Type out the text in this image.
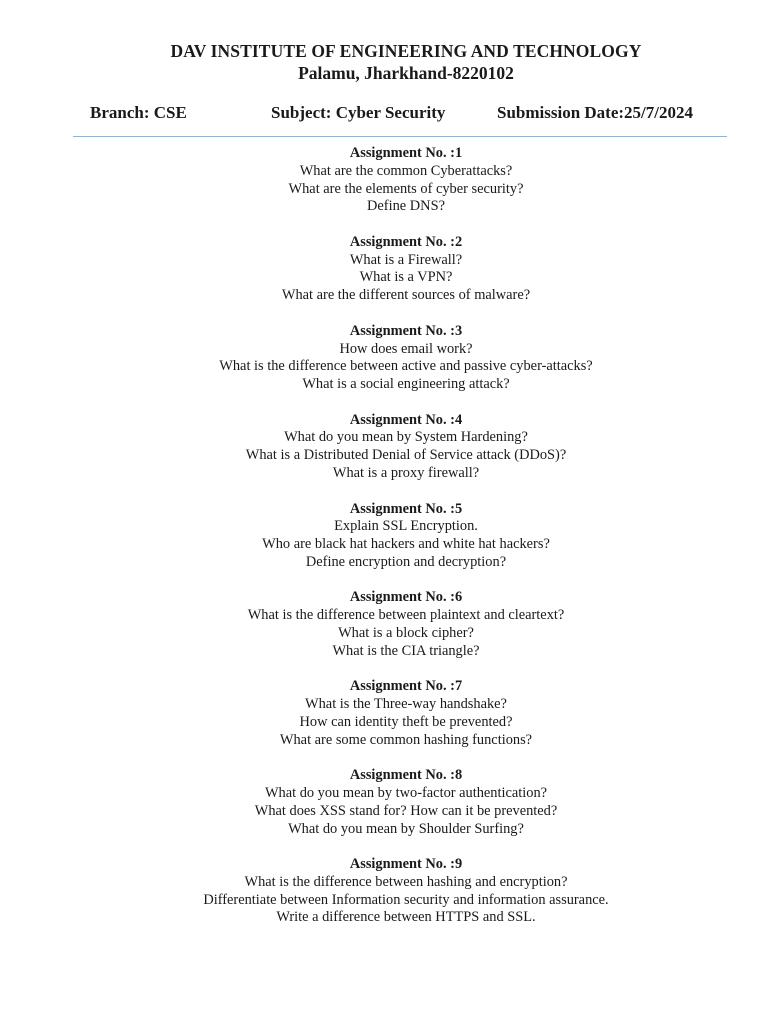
DAV INSTITUTE OF ENGINEERING AND TECHNOLOGY
Palamu, Jharkhand-8220102
Branch: CSE	Subject: Cyber Security	Submission Date:25/7/2024
Assignment No. :1
What are the common Cyberattacks?
What are the elements of cyber security?
Define DNS?
Assignment No. :2
What is a Firewall?
What is a VPN?
What are the different sources of malware?
Assignment No. :3
How does email work?
What is the difference between active and passive cyber-attacks?
What is a social engineering attack?
Assignment No. :4
What do you mean by System Hardening?
What is a Distributed Denial of Service attack (DDoS)?
What is a proxy firewall?
Assignment No. :5
Explain SSL Encryption.
Who are black hat hackers and white hat hackers?
Define encryption and decryption?
Assignment No. :6
What is the difference between plaintext and cleartext?
What is a block cipher?
What is the CIA triangle?
Assignment No. :7
What is the Three-way handshake?
How can identity theft be prevented?
What are some common hashing functions?
Assignment No. :8
What do you mean by two-factor authentication?
What does XSS stand for? How can it be prevented?
What do you mean by Shoulder Surfing?
Assignment No. :9
What is the difference between hashing and encryption?
Differentiate between Information security and information assurance.
Write a difference between HTTPS and SSL.
